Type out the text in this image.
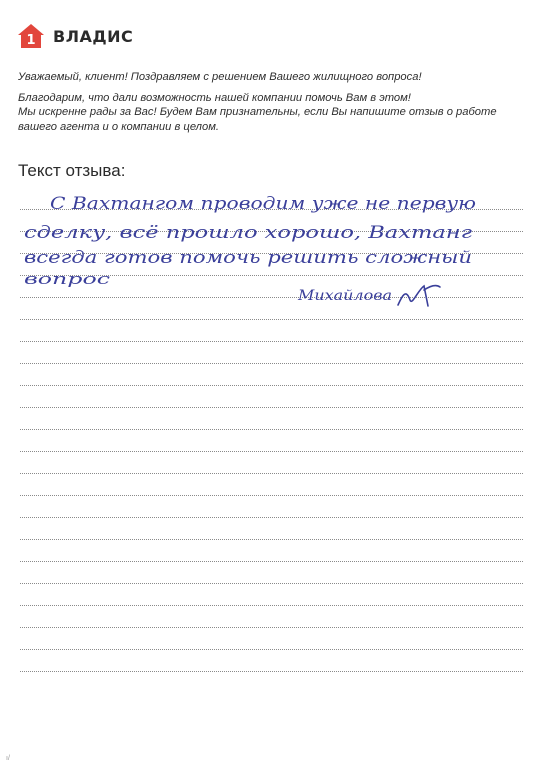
1 ВЛАДИС

Уважаемый, клиент! Поздравляем с решением Вашего жилищного вопроса!

Благодарим, что дали возможность нашей компании помочь Вам в этом!

Мы искренне рады за Вас! Будем Вам признательны, если Вы напишите отзыв о работе

вашего агента и о компании в целом.

Текст отзыва:
С Вахтангом проводим уже не первую
сделку, всё прошло хорошо, Вахтанг
всегда готов помочь решить сложный
вопрос
Михайлова
ı/
